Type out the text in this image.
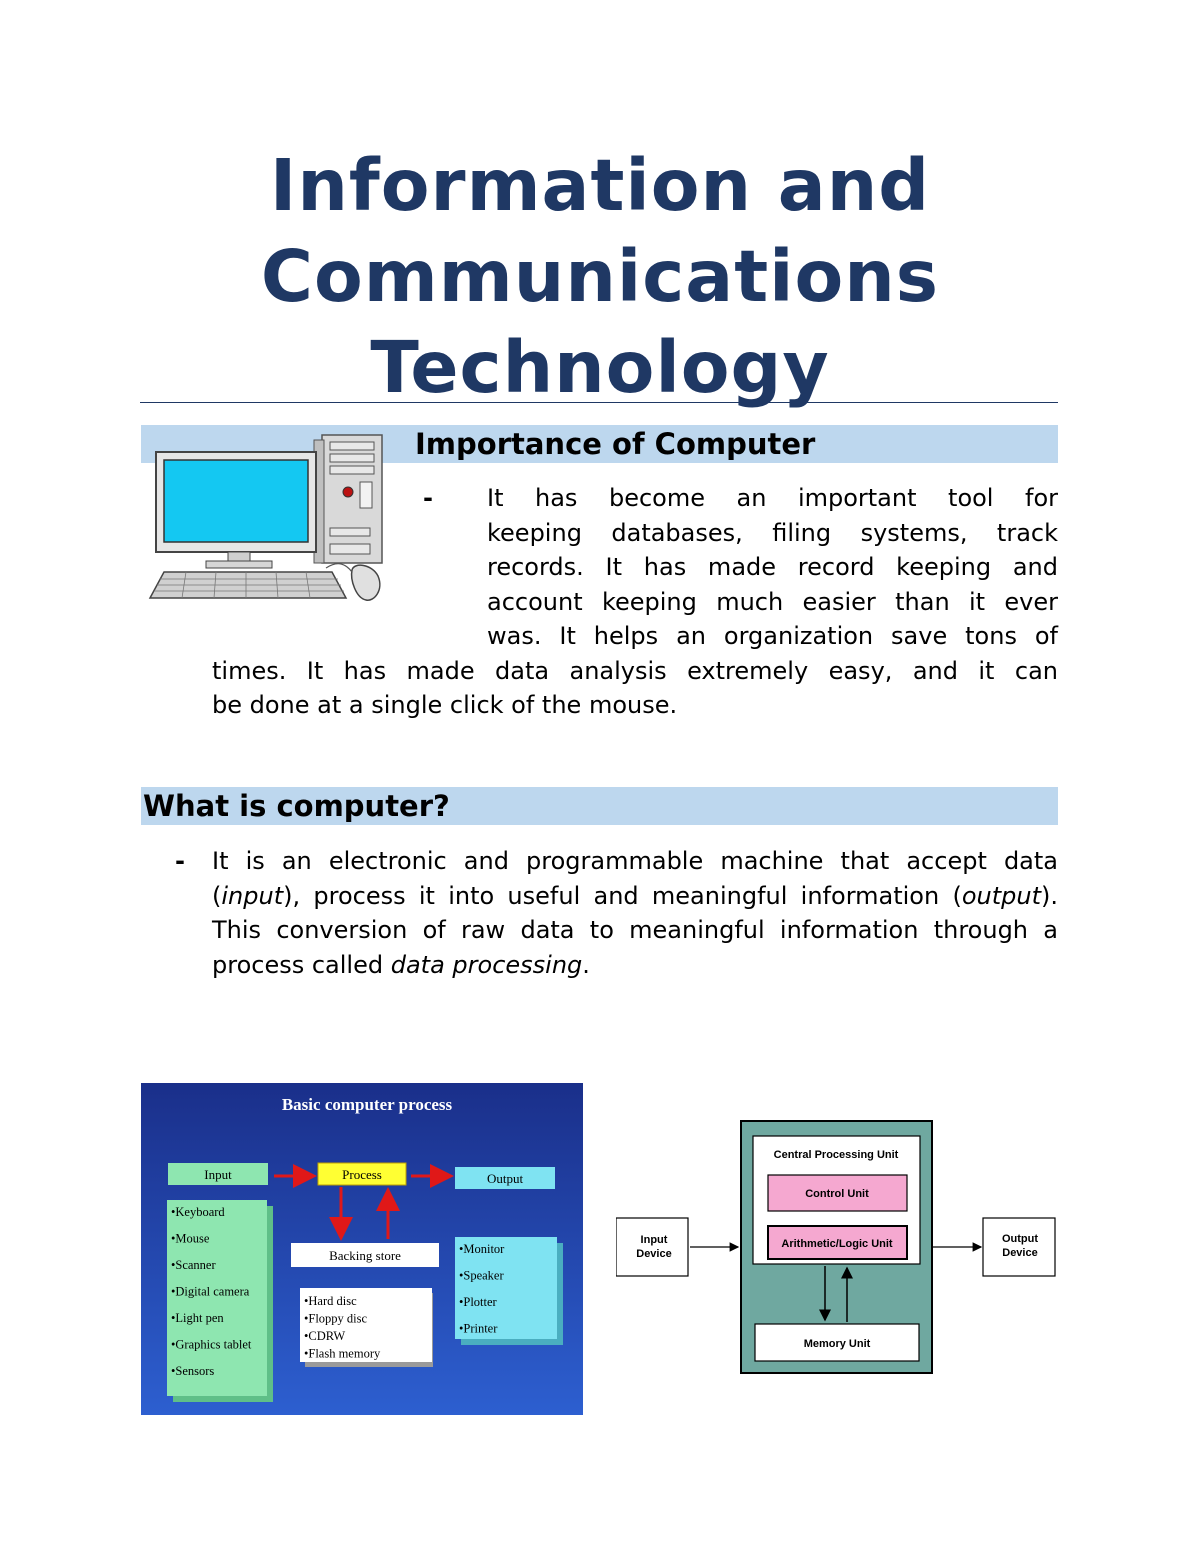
Information and
Communications
Technology
Importance of Computer
- It has become an important tool for
keeping databases, filing systems, track
records. It has made record keeping and
account keeping much easier than it ever
was. It helps an organization save tons of
times. It has made data analysis extremely easy, and it can
be done at a single click of the mouse.
What is computer?
- It is an electronic and programmable machine that accept data (input), process it into useful and meaningful information (output). This conversion of raw data to meaningful information through a process called data processing.
Basic computer process
Input	Process	Output
Backing store
•Keyboard
•Mouse
•Scanner
•Digital camera
•Light pen
•Graphics tablet
•Sensors
•Hard disc
•Floppy disc
•CDRW
•Flash memory
•Monitor
•Speaker
•Plotter
•Printer
Input
Device
Central Processing Unit
Control Unit
Arithmetic/Logic Unit
Memory Unit
Output
Device
